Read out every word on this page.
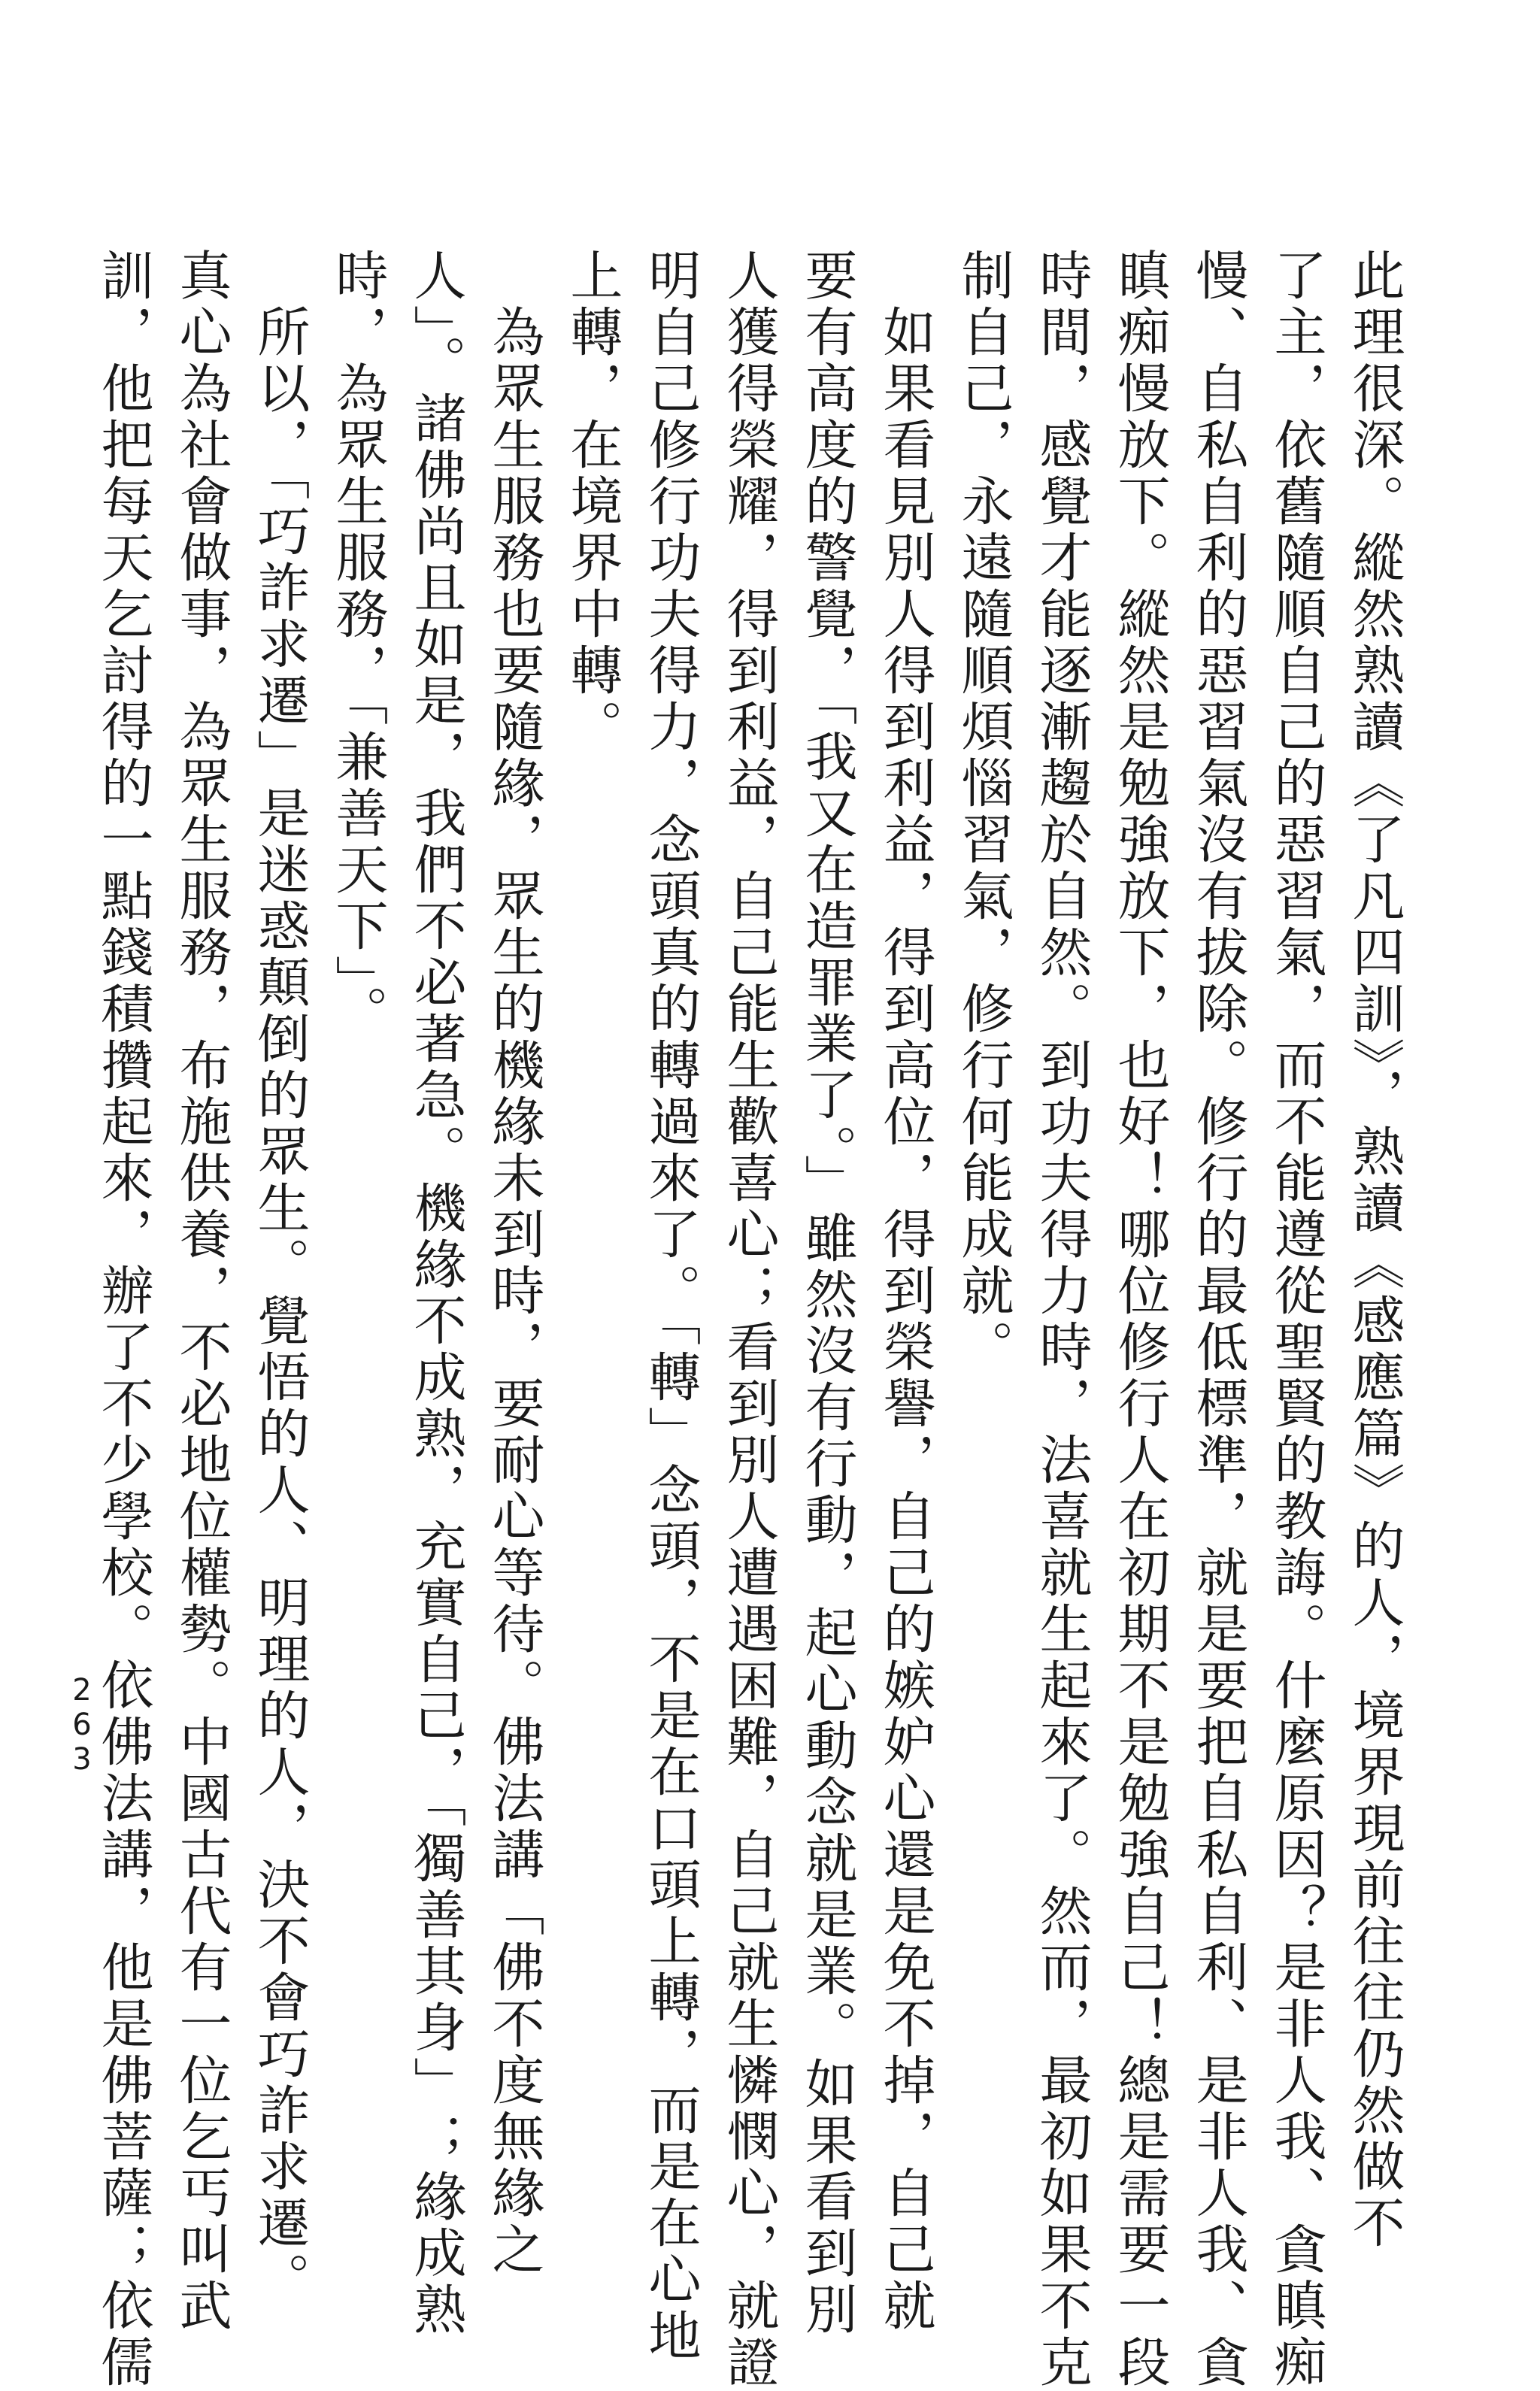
此理很深。縱然熟讀《了凡四訓》，熟讀《感應篇》的人，境界現前往往仍然做不
了主，依舊隨順自己的惡習氣，而不能遵從聖賢的教誨。什麼原因？是非人我、貪瞋痴
慢、自私自利的惡習氣沒有拔除。修行的最低標準，就是要把自私自利、是非人我、貪
瞋痴慢放下。縱然是勉強放下，也好！哪位修行人在初期不是勉強自己！總是需要一段
時間，感覺才能逐漸趨於自然。到功夫得力時，法喜就生起來了。然而，最初如果不克
制自己，永遠隨順煩惱習氣，修行何能成就。
如果看見別人得到利益，得到高位，得到榮譽，自己的嫉妒心還是免不掉，自己就
要有高度的警覺，「我又在造罪業了。」雖然沒有行動，起心動念就是業。如果看到別
人獲得榮耀，得到利益，自己能生歡喜心；看到別人遭遇困難，自己就生憐憫心，就證
明自己修行功夫得力，念頭真的轉過來了。「轉」念頭，不是在口頭上轉，而是在心地
上轉，在境界中轉。
為眾生服務也要隨緣，眾生的機緣未到時，要耐心等待。佛法講「佛不度無緣之
人」。諸佛尚且如是，我們不必著急。機緣不成熟，充實自己，「獨善其身」；緣成熟
時，為眾生服務，「兼善天下」。
所以，「巧詐求遷」是迷惑顛倒的眾生。覺悟的人、明理的人，決不會巧詐求遷。
真心為社會做事，為眾生服務，布施供養，不必地位權勢。中國古代有一位乞丐叫武
訓，他把每天乞討得的一點錢積攢起來，辦了不少學校。依佛法講，他是佛菩薩；依儒
263
